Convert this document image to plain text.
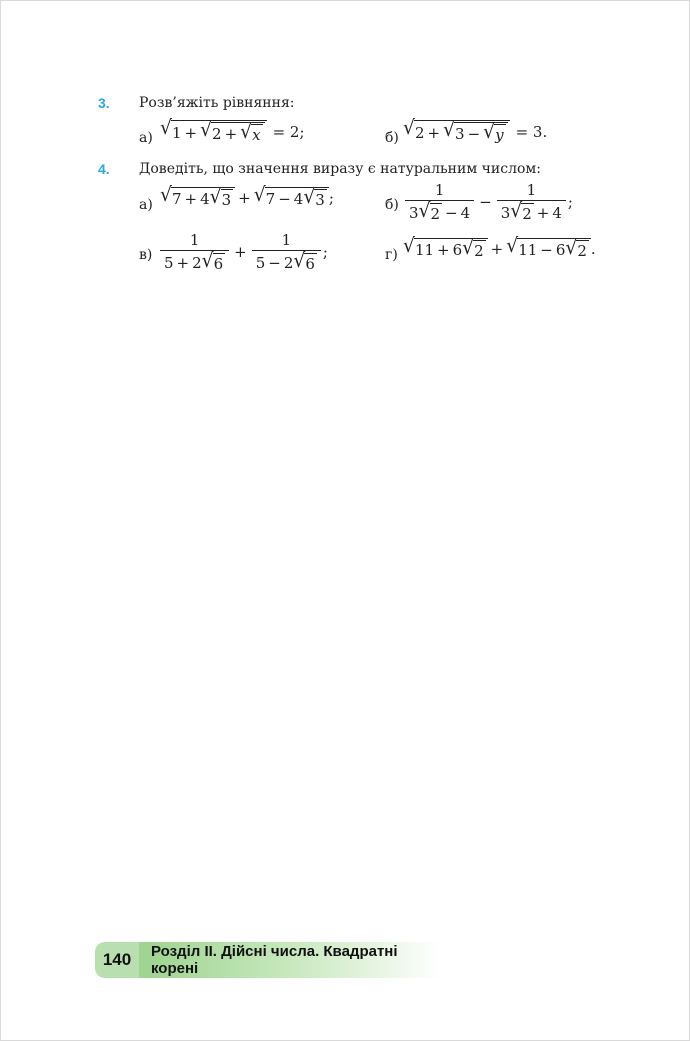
3. Розв’яжіть рівняння:
а) √ 1 + √ 2 + √ x = 2;	б) √ 2 + √ 3 − √ y = 3.
4. Доведіть, що значення виразу є натуральним числом:
а) √ 7 + 4 √ 3 + √ 7 − 4 √ 3 ;	$б) \frac{1}{3 √ 2 - 4} - \frac{1}{3 √ 2 + 4}$ ;
$в) \frac{1}{5 + 2 √ 6} + \frac{1}{5 - 2 √ 6}$ ;	г) √ 11 + 6 √ 2 + √ 11 − 6 √ 2 .
140	Розділ II. Дійсні числа. Квадратні корені
